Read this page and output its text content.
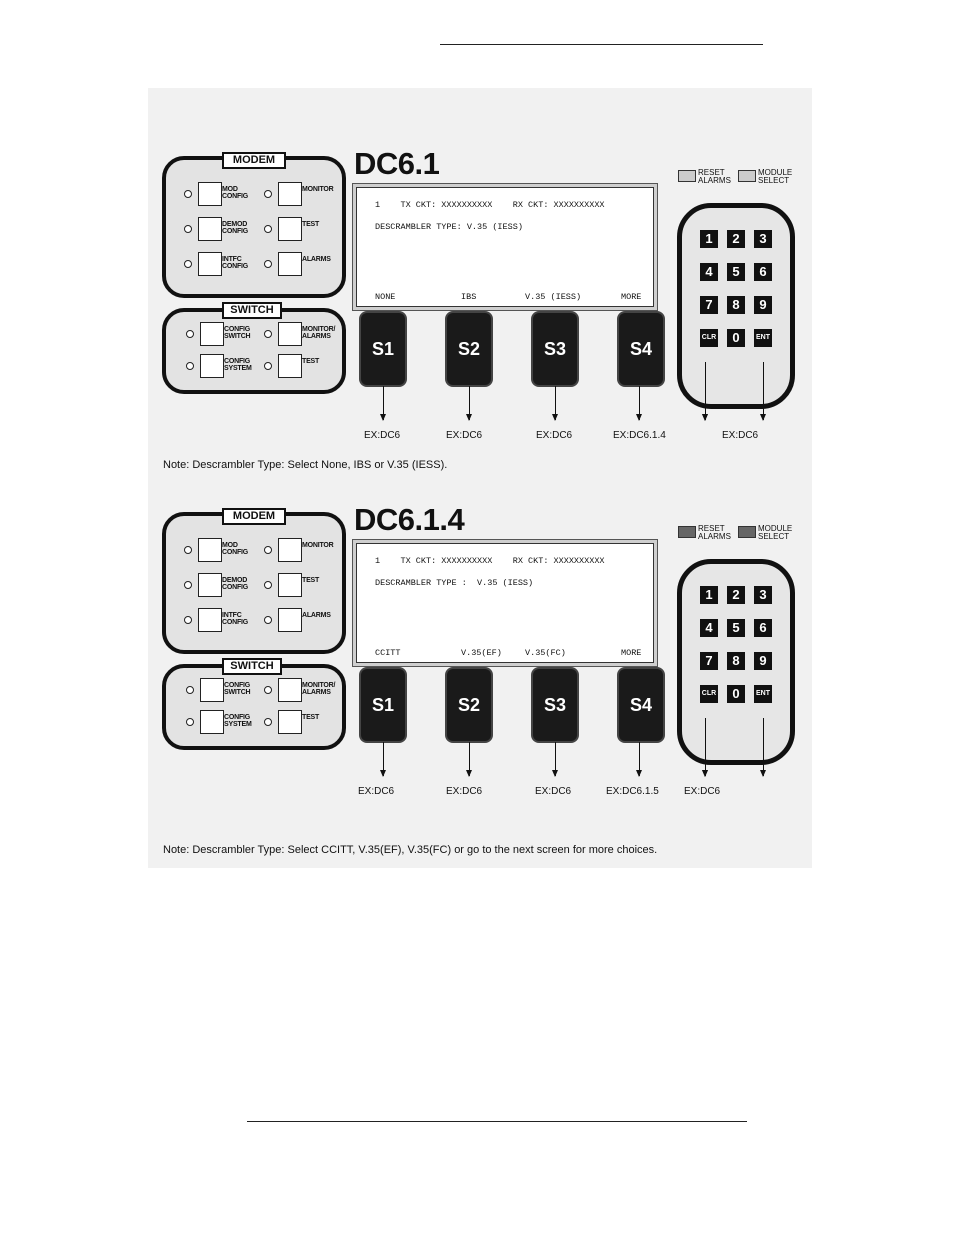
DC6.1
MODEM
MOD
CONFIG
MONITOR
DEMOD
CONFIG
TEST
INTFC
CONFIG
ALARMS
SWITCH
CONFIG
SWITCH
MONITOR/
ALARMS
CONFIG
SYSTEM
TEST
1    TX CKT: XXXXXXXXXX    RX CKT: XXXXXXXXXX
DESCRAMBLER TYPE: V.35 (IESS)
NONE	IBS	V.35 (IESS)	MORE
S1	S2	S3	S4
RESET
ALARMS
MODULE
SELECT
1	2	3
4	5	6
7	8	9
CLR	0	ENT
EX:DC6	EX:DC6	EX:DC6	EX:DC6.1.4	EX:DC6
Note: Descrambler Type: Select None, IBS or V.35 (IESS).
DC6.1.4
MODEM
MOD
CONFIG
MONITOR
DEMOD
CONFIG
TEST
INTFC
CONFIG
ALARMS
SWITCH
CONFIG
SWITCH
MONITOR/
ALARMS
CONFIG
SYSTEM
TEST
1    TX CKT: XXXXXXXXXX    RX CKT: XXXXXXXXXX
DESCRAMBLER TYPE :  V.35 (IESS)
CCITT	V.35(EF)	V.35(FC)	MORE
S1	S2	S3	S4
RESET
ALARMS
MODULE
SELECT
1	2	3
4	5	6
7	8	9
CLR	0	ENT
EX:DC6	EX:DC6	EX:DC6	EX:DC6.1.5	EX:DC6
Note: Descrambler Type: Select CCITT, V.35(EF), V.35(FC) or go to the next screen for more choices.
